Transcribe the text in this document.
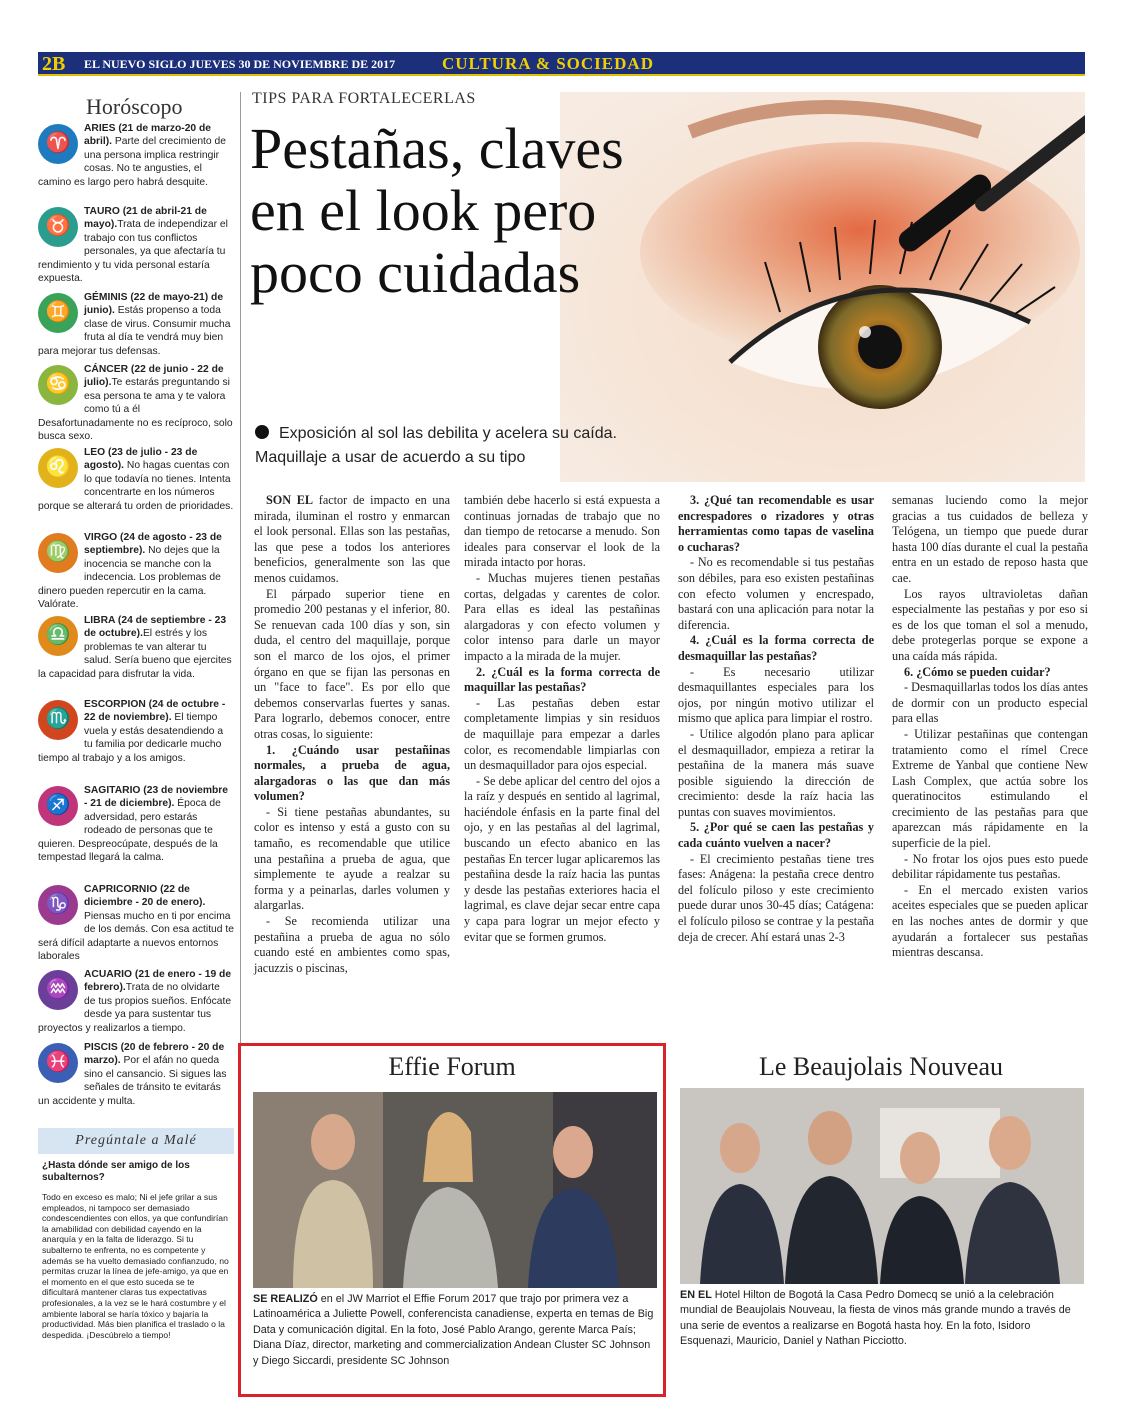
2B EL NUEVO SIGLO JUEVES 30 DE NOVIEMBRE DE 2017	CULTURA & SOCIEDAD
Horóscopo
♈
ARIES (21 de marzo-20 de abril). Parte del crecimiento de una persona implica restringir cosas. No te angusties, el camino es largo pero habrá desquite.
♉
TAURO (21 de abril-21 de mayo).Trata de independizar el trabajo con tus conflictos personales, ya que afectaría tu rendimiento y tu vida personal estaría expuesta.
♊
GÉMINIS (22 de mayo-21) de junio). Estás propenso a toda clase de virus. Consumir mucha fruta al día te vendrá muy bien para mejorar tus defensas.
♋
CÁNCER (22 de junio - 22 de julio).Te estarás preguntando si esa persona te ama y te valora como tú a él Desafortunadamente no es recíproco, solo busca sexo.
♌
LEO (23 de julio - 23 de agosto). No hagas cuentas con lo que todavía no tienes. Intenta concentrarte en los números porque se alterará tu orden de prioridades.
♍
VIRGO (24 de agosto - 23 de septiembre). No dejes que la inocencia se manche con la indecencia. Los problemas de dinero pueden repercutir en la cama. Valórate.
♎
LIBRA (24 de septiembre - 23 de octubre).El estrés y los problemas te van alterar tu salud. Sería bueno que ejercites la capacidad para disfrutar la vida.
♏
ESCORPION (24 de octubre - 22 de noviembre). El tiempo vuela y estás desatendiendo a tu familia por dedicarle mucho tiempo al trabajo y a los amigos.
♐
SAGITARIO (23 de noviembre - 21 de diciembre). Época de adversidad, pero estarás rodeado de personas que te quieren. Despreocúpate, después de la tempestad llegará la calma.
♑
CAPRICORNIO (22 de diciembre - 20 de enero). Piensas mucho en ti por encima de los demás. Con esa actitud te será difícil adaptarte a nuevos entornos laborales
♒
ACUARIO (21 de enero - 19 de febrero).Trata de no olvidarte de tus propios sueños. Enfócate desde ya para sustentar tus proyectos y realizarlos a tiempo.
♓
PISCIS (20 de febrero - 20 de marzo). Por el afán no queda sino el cansancio. Si sigues las señales de tránsito te evitarás un accidente y multa.
Pregúntale a Malé
¿Hasta dónde ser amigo de los subalternos?
Todo en exceso es malo; Ni el jefe grilar a sus empleados, ni tampoco ser demasiado condescendientes con ellos, ya que confundirían la amabilidad con debilidad cayendo en la anarquía y en la falta de liderazgo. Si tu subalterno te enfrenta, no es competente y además se ha vuelto demasiado confianzudo, no permitas cruzar la línea de jefe-amigo, ya que en el momento en el que esto suceda se te dificultará mantener claras tus expectativas profesionales, a la vez se le hará costumbre y el ambiente laboral se haría tóxico y bajaría la productividad. Más bien planifica el traslado o la despedida. ¡Descúbrelo a tiempo!
TIPS PARA FORTALECERLAS
Pestañas, claves en el look pero poco cuidadas
Exposición al sol las debilita y acelera su caída.
Maquillaje a usar de acuerdo a su tipo

SON EL factor de impacto en una mirada, iluminan el rostro y enmarcan el look personal. Ellas son las pestañas, las que pese a todos los anteriores beneficios, generalmente son las que menos cuidamos.

El párpado superior tiene en promedio 200 pestanas y el inferior, 80. Se renuevan cada 100 días y son, sin duda, el centro del maquillaje, porque son el marco de los ojos, el primer órgano en que se fijan las personas en un "face to face". Es por ello que debemos conservarlas fuertes y sanas. Para lograrlo, debemos conocer, entre otras cosas, lo siguiente:

1. ¿Cuándo usar pestañinas normales, a prueba de agua, alargadoras o las que dan más volumen?

- Si tiene pestañas abundantes, su color es intenso y está a gusto con su tamaño, es recomendable que utilice una pestañina a prueba de agua, que simplemente te ayude a realzar su forma y a peinarlas, darles volumen y alargarlas.

- Se recomienda utilizar una pestañina a prueba de agua no sólo cuando esté en ambientes como spas, jacuzzis o piscinas,

también debe hacerlo si está expuesta a continuas jornadas de trabajo que no dan tiempo de retocarse a menudo. Son ideales para conservar el look de la mirada intacto por horas.

- Muchas mujeres tienen pestañas cortas, delgadas y carentes de color. Para ellas es ideal las pestañinas alargadoras y con efecto volumen y color intenso para darle un mayor impacto a la mirada de la mujer.

2. ¿Cuál es la forma correcta de maquillar las pestañas?

- Las pestañas deben estar completamente limpias y sin residuos de maquillaje para empezar a darles color, es recomendable limpiarlas con un desmaquillador para ojos especial.

- Se debe aplicar del centro del ojos a la raíz y después en sentido al lagrimal, haciéndole énfasis en la parte final del ojo, y en las pestañas al del lagrimal, buscando un efecto abanico en las pestañas En tercer lugar aplicaremos las pestañina desde la raíz hacia las puntas y desde las pestañas exteriores hacia el lagrimal, es clave dejar secar entre capa y capa para lograr un mejor efecto y evitar que se formen grumos.

3. ¿Qué tan recomendable es usar encrespadores o rizadores y otras herramientas como tapas de vaselina o cucharas?

- No es recomendable si tus pestañas son débiles, para eso existen pestañinas con efecto volumen y encrespado, bastará con una aplicación para notar la diferencia.

4. ¿Cuál es la forma correcta de desmaquillar las pestañas?

- Es necesario utilizar desmaquillantes especiales para los ojos, por ningún motivo utilizar el mismo que aplica para limpiar el rostro.

- Utilice algodón plano para aplicar el desmaquillador, empieza a retirar la pestañina de la manera más suave posible siguiendo la dirección de crecimiento: desde la raíz hacia las puntas con suaves movimientos.

5. ¿Por qué se caen las pestañas y cada cuánto vuelven a nacer?

- El crecimiento pestañas tiene tres fases: Anágena: la pestaña crece dentro del folículo piloso y este crecimiento puede durar unos 30-45 días; Catágena: el folículo piloso se contrae y la pestaña deja de crecer. Ahí estará unas 2-3

semanas luciendo como la mejor gracias a tus cuidados de belleza y Telógena, un tiempo que puede durar hasta 100 días durante el cual la pestaña entra en un estado de reposo hasta que cae.

Los rayos ultravioletas dañan especialmente las pestañas y por eso si es de los que toman el sol a menudo, debe protegerlas porque se expone a una caída más rápida.

6. ¿Cómo se pueden cuidar?

- Desmaquillarlas todos los días antes de dormir con un producto especial para ellas

- Utilizar pestañinas que contengan tratamiento como el rímel Crece Extreme de Yanbal que contiene New Lash Complex, que actúa sobre los queratinocitos estimulando el crecimiento de las pestañas para que aparezcan más rápidamente en la superficie de la piel.

- No frotar los ojos pues esto puede debilitar rápidamente tus pestañas.

- En el mercado existen varios aceites especiales que se pueden aplicar en las noches antes de dormir y que ayudarán a fortalecer sus pestañas mientras descansa.

Effie Forum
SE REALIZÓ en el JW Marriot el Effie Forum 2017 que trajo por primera vez a Latinoamérica a Juliette Powell, conferencista canadiense, experta en temas de Big Data y comunicación digital. En la foto, José Pablo Arango, gerente Marca País; Diana Díaz, director, marketing and commercialization Andean Cluster SC Johnson y Diego Siccardi, presidente SC Johnson
Le Beaujolais Nouveau
EN EL Hotel Hilton de Bogotá la Casa Pedro Domecq se unió a la celebración mundial de Beaujolais Nouveau, la fiesta de vinos más grande mundo a través de una serie de eventos a realizarse en Bogotá hasta hoy. En la foto, Isidoro Esquenazi, Mauricio, Daniel y Nathan Picciotto.
